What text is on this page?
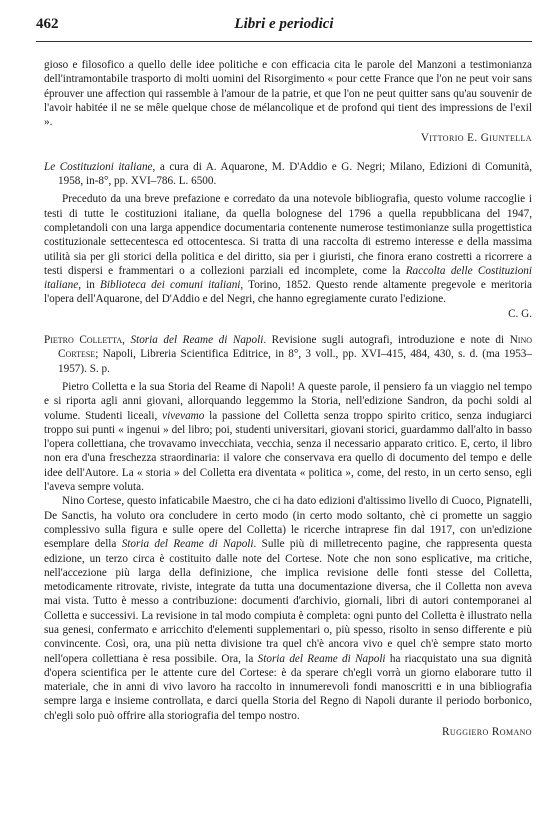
462	Libri e periodici

gioso e filosofico a quello delle idee politiche e con efficacia cita le parole del Manzoni a testimonianza dell'intramontabile trasporto di molti uomini del Risorgimento « pour cette France que l'on ne peut voir sans éprouver une affection qui rassemble à l'amour de la patrie, et que l'on ne peut quitter sans qu'au souvenir de l'avoir habitée il ne se mêle quelque chose de mélancolique et de profond qui tient des impressions de l'exil ».

Vittorio E. Giuntella

Le Costituzioni italiane, a cura di A. Aquarone, M. D'Addio e G. Negri; Milano, Edizioni di Comunità, 1958, in-8°, pp. XVI–786. L. 6500.

Preceduto da una breve prefazione e corredato da una notevole bibliografia, questo volume raccoglie i testi di tutte le costituzioni italiane, da quella bolognese del 1796 a quella repubblicana del 1947, completandoli con una larga appendice documentaria contenente numerose testimonianze sulla progettistica costituzionale settecentesca ed ottocentesca. Si tratta di una raccolta di estremo interesse e della massima utilità sia per gli storici della politica e del diritto, sia per i giuristi, che finora erano costretti a ricorrere a testi dispersi e frammentari o a collezioni parziali ed incomplete, come la Raccolta delle Costituzioni italiane, in Biblioteca dei comuni italiani, Torino, 1852. Questo rende altamente pregevole e meritoria l'opera dell'Aquarone, del D'Addio e del Negri, che hanno egregiamente curato l'edizione.

C. G.

Pietro Colletta, Storia del Reame di Napoli. Revisione sugli autografi, introduzione e note di Nino Cortese; Napoli, Libreria Scientifica Editrice, in 8°, 3 voll., pp. XVI–415, 484, 430, s. d. (ma 1953–1957). S. p.

Pietro Colletta e la sua Storia del Reame di Napoli! A queste parole, il pensiero fa un viaggio nel tempo e si riporta agli anni giovani, allorquando leggemmo la Storia, nell'edizione Sandron, da pochi soldi al volume. Studenti liceali, vivevamo la passione del Colletta senza troppo spirito critico, senza indugiarci troppo sui punti « ingenui » del libro; poi, studenti universitari, giovani storici, guardammo dall'alto in basso l'opera collettiana, che trovavamo invecchiata, vecchia, senza il necessario apparato critico. E, certo, il libro non era d'una freschezza straordinaria: il valore che conservava era quello di documento del tempo e delle idee dell'Autore. La « storia » del Colletta era diventata « politica », come, del resto, in un certo senso, egli l'aveva sempre voluta.

Nino Cortese, questo infaticabile Maestro, che ci ha dato edizioni d'altissimo livello di Cuoco, Pignatelli, De Sanctis, ha voluto ora concludere in certo modo (in certo modo soltanto, chè ci promette un saggio complessivo sulla figura e sulle opere del Colletta) le ricerche intraprese fin dal 1917, con un'edizione esemplare della Storia del Reame di Napoli. Sulle più di milletrecento pagine, che rappresenta questa edizione, un terzo circa è costituito dalle note del Cortese. Note che non sono esplicative, ma critiche, nell'accezione più larga della definizione, che implica revisione delle fonti stesse del Colletta, metodicamente ritrovate, riviste, integrate da tutta una documentazione diversa, che il Colletta non aveva mai vista. Tutto è messo a contribuzione: documenti d'archivio, giornali, libri di autori contemporanei al Colletta e successivi. La revisione in tal modo compiuta è completa: ogni punto del Colletta è illustrato nella sua genesi, confermato e arricchito d'elementi supplementari o, più spesso, risolto in senso differente e più convincente. Così, ora, una più netta divisione tra quel ch'è ancora vivo e quel ch'è sempre stato morto nell'opera collettiana è resa possibile. Ora, la Storia del Reame di Napoli ha riacquistato una sua dignità d'opera scientifica per le attente cure del Cortese: è da sperare ch'egli vorrà un giorno elaborare tutto il materiale, che in anni di vivo lavoro ha raccolto in innumerevoli fondi manoscritti e in una bibliografia sempre larga e insieme controllata, e darci quella Storia del Regno di Napoli durante il periodo borbonico, ch'egli solo può offrire alla storiografia del tempo nostro.

Ruggiero Romano
